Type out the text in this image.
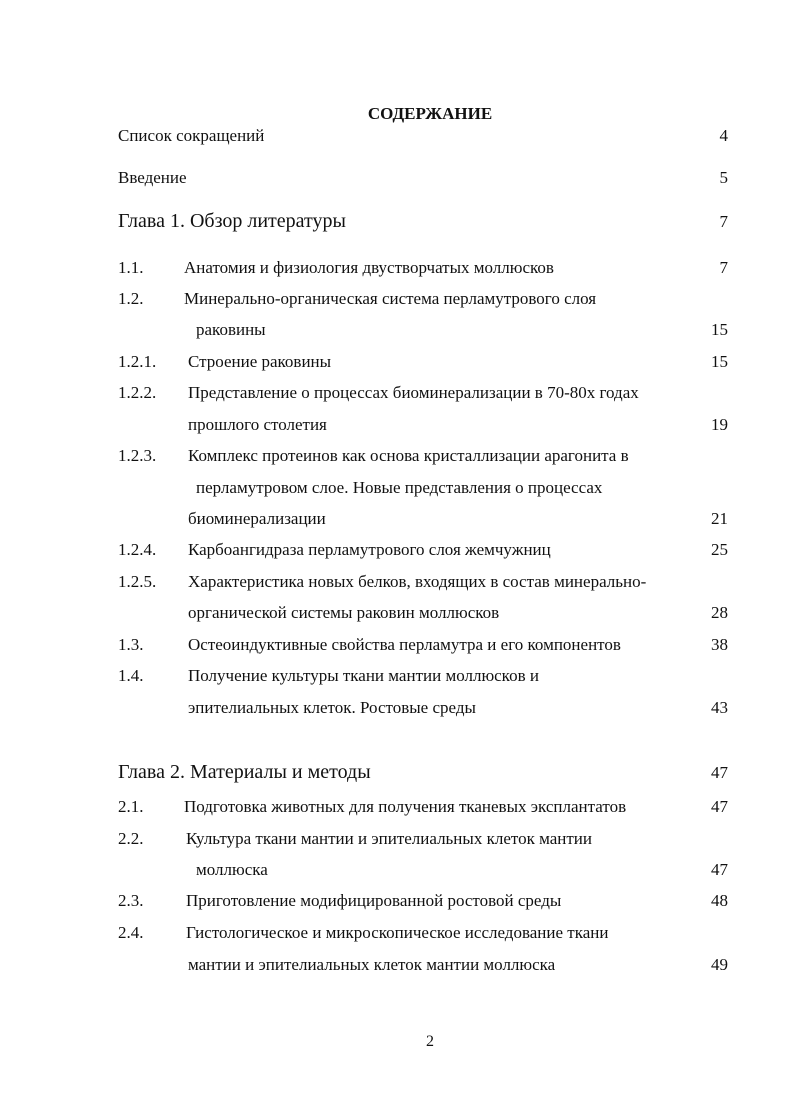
СОДЕРЖАНИЕ
Список сокращений	4
Введение	5
Глава 1. Обзор литературы	7
1.1. Анатомия и физиология двустворчатых моллюсков	7
1.2. Минерально-органическая система перламутрового слоя
раковины	15
1.2.1. Строение раковины	15
1.2.2. Представление о процессах биоминерализации в 70-80х годах
прошлого столетия	19
1.2.3. Комплекс протеинов как основа кристаллизации арагонита в
перламутровом слое. Новые представления о процессах
биоминерализации	21
1.2.4. Карбоангидраза перламутрового слоя жемчужниц	25
1.2.5. Характеристика новых белков, входящих в состав минерально-
органической системы раковин моллюсков	28
1.3.	Остеоиндуктивные свойства перламутра и его компонентов	38
1.4.	Получение культуры ткани мантии моллюсков и
эпителиальных клеток. Ростовые среды	43
Глава 2. Материалы и методы	47
2.1. Подготовка животных для получения тканевых эксплантатов	47
2.2.	Культура ткани мантии и эпителиальных клеток мантии
моллюска	47
2.3.	Приготовление модифицированной ростовой среды	48
2.4.	Гистологическое и микроскопическое исследование ткани
мантии и эпителиальных клеток мантии моллюска	49
2
